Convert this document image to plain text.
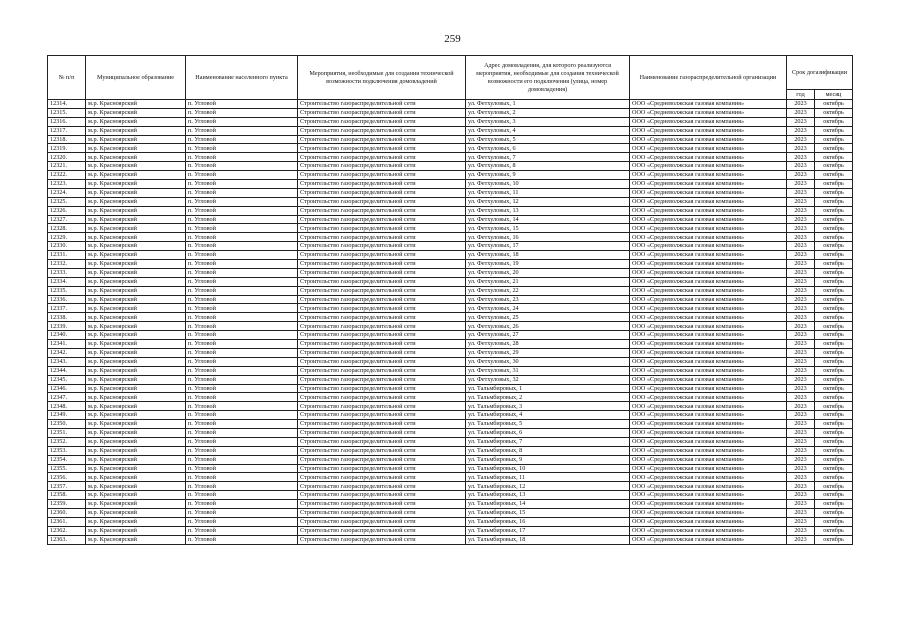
259
№ п/п	Муниципальное образование	Наименование населенного пункта	Мероприятия, необходимые для создания технической возможности подключения домовладений	Адрес домовладения, для которого реализуются мероприятия, необходимые для создания технической возможности его подключения (улица, номер домовладения)	Наименование газораспределительной организации	Срок догазификации	
						год	месяц
12314.	м.р. Красноярский	п. Угловой	Строительство газораспределительной сети	ул. Фетхуловых, 1	ООО «Средневолжская газовая компания»	2023	октябрь
12315.	м.р. Красноярский	п. Угловой	Строительство газораспределительной сети	ул. Фетхуловых, 2	ООО «Средневолжская газовая компания»	2023	октябрь
12316.	м.р. Красноярский	п. Угловой	Строительство газораспределительной сети	ул. Фетхуловых, 3	ООО «Средневолжская газовая компания»	2023	октябрь
12317.	м.р. Красноярский	п. Угловой	Строительство газораспределительной сети	ул. Фетхуловых, 4	ООО «Средневолжская газовая компания»	2023	октябрь
12318.	м.р. Красноярский	п. Угловой	Строительство газораспределительной сети	ул. Фетхуловых, 5	ООО «Средневолжская газовая компания»	2023	октябрь
12319.	м.р. Красноярский	п. Угловой	Строительство газораспределительной сети	ул. Фетхуловых, 6	ООО «Средневолжская газовая компания»	2023	октябрь
12320.	м.р. Красноярский	п. Угловой	Строительство газораспределительной сети	ул. Фетхуловых, 7	ООО «Средневолжская газовая компания»	2023	октябрь
12321.	м.р. Красноярский	п. Угловой	Строительство газораспределительной сети	ул. Фетхуловых, 8	ООО «Средневолжская газовая компания»	2023	октябрь
12322.	м.р. Красноярский	п. Угловой	Строительство газораспределительной сети	ул. Фетхуловых, 9	ООО «Средневолжская газовая компания»	2023	октябрь
12323.	м.р. Красноярский	п. Угловой	Строительство газораспределительной сети	ул. Фетхуловых, 10	ООО «Средневолжская газовая компания»	2023	октябрь
12324.	м.р. Красноярский	п. Угловой	Строительство газораспределительной сети	ул. Фетхуловых, 11	ООО «Средневолжская газовая компания»	2023	октябрь
12325.	м.р. Красноярский	п. Угловой	Строительство газораспределительной сети	ул. Фетхуловых, 12	ООО «Средневолжская газовая компания»	2023	октябрь
12326.	м.р. Красноярский	п. Угловой	Строительство газораспределительной сети	ул. Фетхуловых, 13	ООО «Средневолжская газовая компания»	2023	октябрь
12327.	м.р. Красноярский	п. Угловой	Строительство газораспределительной сети	ул. Фетхуловых, 14	ООО «Средневолжская газовая компания»	2023	октябрь
12328.	м.р. Красноярский	п. Угловой	Строительство газораспределительной сети	ул. Фетхуловых, 15	ООО «Средневолжская газовая компания»	2023	октябрь
12329.	м.р. Красноярский	п. Угловой	Строительство газораспределительной сети	ул. Фетхуловых, 16	ООО «Средневолжская газовая компания»	2023	октябрь
12330.	м.р. Красноярский	п. Угловой	Строительство газораспределительной сети	ул. Фетхуловых, 17	ООО «Средневолжская газовая компания»	2023	октябрь
12331.	м.р. Красноярский	п. Угловой	Строительство газораспределительной сети	ул. Фетхуловых, 18	ООО «Средневолжская газовая компания»	2023	октябрь
12332.	м.р. Красноярский	п. Угловой	Строительство газораспределительной сети	ул. Фетхуловых, 19	ООО «Средневолжская газовая компания»	2023	октябрь
12333.	м.р. Красноярский	п. Угловой	Строительство газораспределительной сети	ул. Фетхуловых, 20	ООО «Средневолжская газовая компания»	2023	октябрь
12334.	м.р. Красноярский	п. Угловой	Строительство газораспределительной сети	ул. Фетхуловых, 21	ООО «Средневолжская газовая компания»	2023	октябрь
12335.	м.р. Красноярский	п. Угловой	Строительство газораспределительной сети	ул. Фетхуловых, 22	ООО «Средневолжская газовая компания»	2023	октябрь
12336.	м.р. Красноярский	п. Угловой	Строительство газораспределительной сети	ул. Фетхуловых, 23	ООО «Средневолжская газовая компания»	2023	октябрь
12337.	м.р. Красноярский	п. Угловой	Строительство газораспределительной сети	ул. Фетхуловых, 24	ООО «Средневолжская газовая компания»	2023	октябрь
12338.	м.р. Красноярский	п. Угловой	Строительство газораспределительной сети	ул. Фетхуловых, 25	ООО «Средневолжская газовая компания»	2023	октябрь
12339.	м.р. Красноярский	п. Угловой	Строительство газораспределительной сети	ул. Фетхуловых, 26	ООО «Средневолжская газовая компания»	2023	октябрь
12340.	м.р. Красноярский	п. Угловой	Строительство газораспределительной сети	ул. Фетхуловых, 27	ООО «Средневолжская газовая компания»	2023	октябрь
12341.	м.р. Красноярский	п. Угловой	Строительство газораспределительной сети	ул. Фетхуловых, 28	ООО «Средневолжская газовая компания»	2023	октябрь
12342.	м.р. Красноярский	п. Угловой	Строительство газораспределительной сети	ул. Фетхуловых, 29	ООО «Средневолжская газовая компания»	2023	октябрь
12343.	м.р. Красноярский	п. Угловой	Строительство газораспределительной сети	ул. Фетхуловых, 30	ООО «Средневолжская газовая компания»	2023	октябрь
12344.	м.р. Красноярский	п. Угловой	Строительство газораспределительной сети	ул. Фетхуловых, 31	ООО «Средневолжская газовая компания»	2023	октябрь
12345.	м.р. Красноярский	п. Угловой	Строительство газораспределительной сети	ул. Фетхуловых, 32	ООО «Средневолжская газовая компания»	2023	октябрь
12346.	м.р. Красноярский	п. Угловой	Строительство газораспределительной сети	ул. Тальмбировых, 1	ООО «Средневолжская газовая компания»	2023	октябрь
12347.	м.р. Красноярский	п. Угловой	Строительство газораспределительной сети	ул. Тальмбировых, 2	ООО «Средневолжская газовая компания»	2023	октябрь
12348.	м.р. Красноярский	п. Угловой	Строительство газораспределительной сети	ул. Тальмбировых, 3	ООО «Средневолжская газовая компания»	2023	октябрь
12349.	м.р. Красноярский	п. Угловой	Строительство газораспределительной сети	ул. Тальмбировых, 4	ООО «Средневолжская газовая компания»	2023	октябрь
12350.	м.р. Красноярский	п. Угловой	Строительство газораспределительной сети	ул. Тальмбировых, 5	ООО «Средневолжская газовая компания»	2023	октябрь
12351.	м.р. Красноярский	п. Угловой	Строительство газораспределительной сети	ул. Тальмбировых, 6	ООО «Средневолжская газовая компания»	2023	октябрь
12352.	м.р. Красноярский	п. Угловой	Строительство газораспределительной сети	ул. Тальмбировых, 7	ООО «Средневолжская газовая компания»	2023	октябрь
12353.	м.р. Красноярский	п. Угловой	Строительство газораспределительной сети	ул. Тальмбировых, 8	ООО «Средневолжская газовая компания»	2023	октябрь
12354.	м.р. Красноярский	п. Угловой	Строительство газораспределительной сети	ул. Тальмбировых, 9	ООО «Средневолжская газовая компания»	2023	октябрь
12355.	м.р. Красноярский	п. Угловой	Строительство газораспределительной сети	ул. Тальмбировых, 10	ООО «Средневолжская газовая компания»	2023	октябрь
12356.	м.р. Красноярский	п. Угловой	Строительство газораспределительной сети	ул. Тальмбировых, 11	ООО «Средневолжская газовая компания»	2023	октябрь
12357.	м.р. Красноярский	п. Угловой	Строительство газораспределительной сети	ул. Тальмбировых, 12	ООО «Средневолжская газовая компания»	2023	октябрь
12358.	м.р. Красноярский	п. Угловой	Строительство газораспределительной сети	ул. Тальмбировых, 13	ООО «Средневолжская газовая компания»	2023	октябрь
12359.	м.р. Красноярский	п. Угловой	Строительство газораспределительной сети	ул. Тальмбировых, 14	ООО «Средневолжская газовая компания»	2023	октябрь
12360.	м.р. Красноярский	п. Угловой	Строительство газораспределительной сети	ул. Тальмбировых, 15	ООО «Средневолжская газовая компания»	2023	октябрь
12361.	м.р. Красноярский	п. Угловой	Строительство газораспределительной сети	ул. Тальмбировых, 16	ООО «Средневолжская газовая компания»	2023	октябрь
12362.	м.р. Красноярский	п. Угловой	Строительство газораспределительной сети	ул. Тальмбировых, 17	ООО «Средневолжская газовая компания»	2023	октябрь
12363.	м.р. Красноярский	п. Угловой	Строительство газораспределительной сети	ул. Тальмбировых, 18	ООО «Средневолжская газовая компания»	2023	октябрь
